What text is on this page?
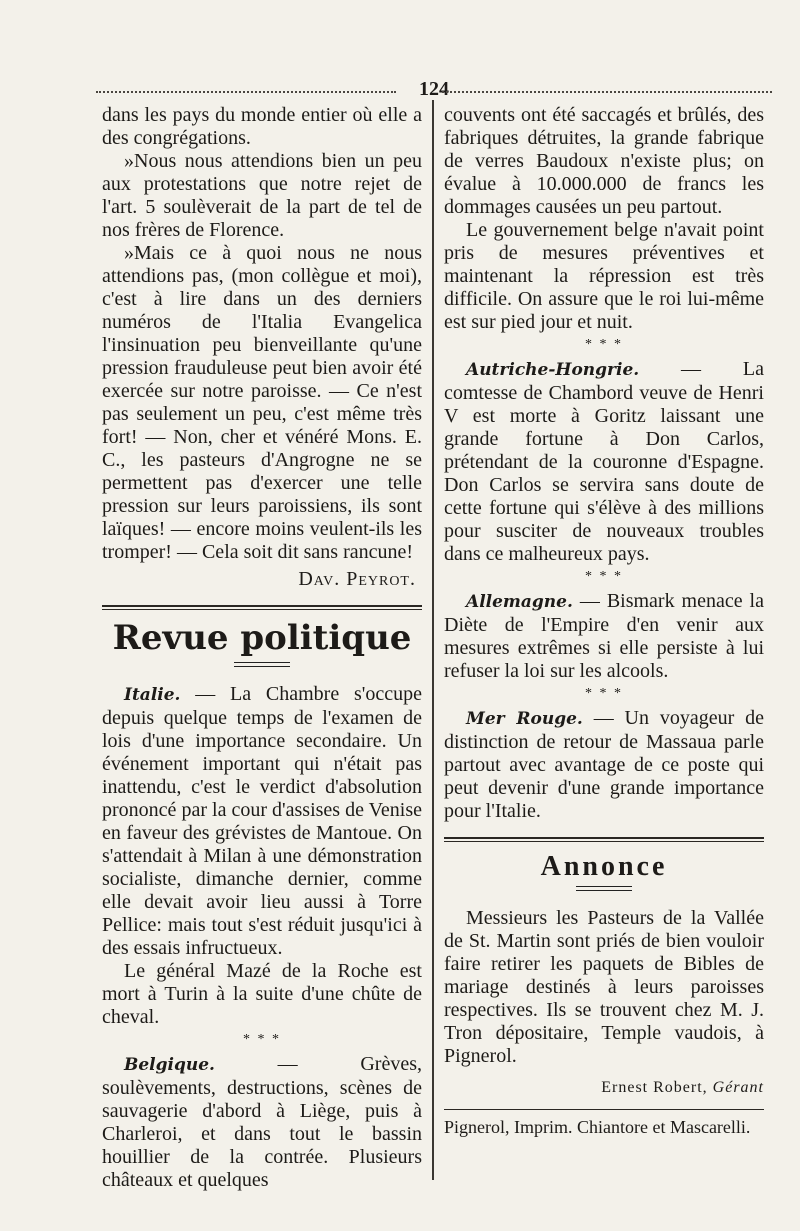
124

dans les pays du monde entier où elle a des congrégations.

»Nous nous attendions bien un peu aux protestations que notre rejet de l'art. 5 soulèverait de la part de tel de nos frères de Florence.

»Mais ce à quoi nous ne nous attendions pas, (mon collègue et moi), c'est à lire dans un des derniers numéros de l'Italia Evangelica l'insinuation peu bienveillante qu'une pression frauduleuse peut bien avoir été exercée sur notre paroisse. — Ce n'est pas seulement un peu, c'est même très fort! — Non, cher et vénéré Mons. E. C., les pasteurs d'Angrogne ne se permettent pas d'exercer une telle pression sur leurs paroissiens, ils sont laïques! — encore moins veulent-ils les tromper! — Cela soit dit sans rancune!

Dav. Peyrot.
Revue politique

Italie. — La Chambre s'occupe depuis quelque temps de l'examen de lois d'une importance secondaire. Un événement important qui n'était pas inattendu, c'est le verdict d'absolution prononcé par la cour d'assises de Venise en faveur des grévistes de Mantoue. On s'attendait à Milan à une démonstration socialiste, dimanche dernier, comme elle devait avoir lieu aussi à Torre Pellice: mais tout s'est réduit jusqu'ici à des essais infructueux.

Le général Mazé de la Roche est mort à Turin à la suite d'une chûte de cheval.

* * *

Belgique. — Grèves, soulèvements, destructions, scènes de sauvagerie d'abord à Liège, puis à Charleroi, et dans tout le bassin houillier de la contrée. Plusieurs châteaux et quelques

couvents ont été saccagés et brûlés, des fabriques détruites, la grande fabrique de verres Baudoux n'existe plus; on évalue à 10.000.000 de francs les dommages causées un peu partout.

Le gouvernement belge n'avait point pris de mesures préventives et maintenant la répression est très difficile. On assure que le roi lui-même est sur pied jour et nuit.

* * *

Autriche-Hongrie. — La comtesse de Chambord veuve de Henri V est morte à Goritz laissant une grande fortune à Don Carlos, prétendant de la couronne d'Espagne. Don Carlos se servira sans doute de cette fortune qui s'élève à des millions pour susciter de nouveaux troubles dans ce malheureux pays.

* * *

Allemagne. — Bismark menace la Diète de l'Empire d'en venir aux mesures extrêmes si elle persiste à lui refuser la loi sur les alcools.

* * *

Mer Rouge. — Un voyageur de distinction de retour de Massaua parle partout avec avantage de ce poste qui peut devenir d'une grande importance pour l'Italie.

Annonce

Messieurs les Pasteurs de la Vallée de St. Martin sont priés de bien vouloir faire retirer les paquets de Bibles de mariage destinés à leurs paroisses respectives. Ils se trouvent chez M. J. Tron dépositaire, Temple vaudois, à Pignerol.

Ernest Robert, Gérant
Pignerol, Imprim. Chiantore et Mascarelli.
